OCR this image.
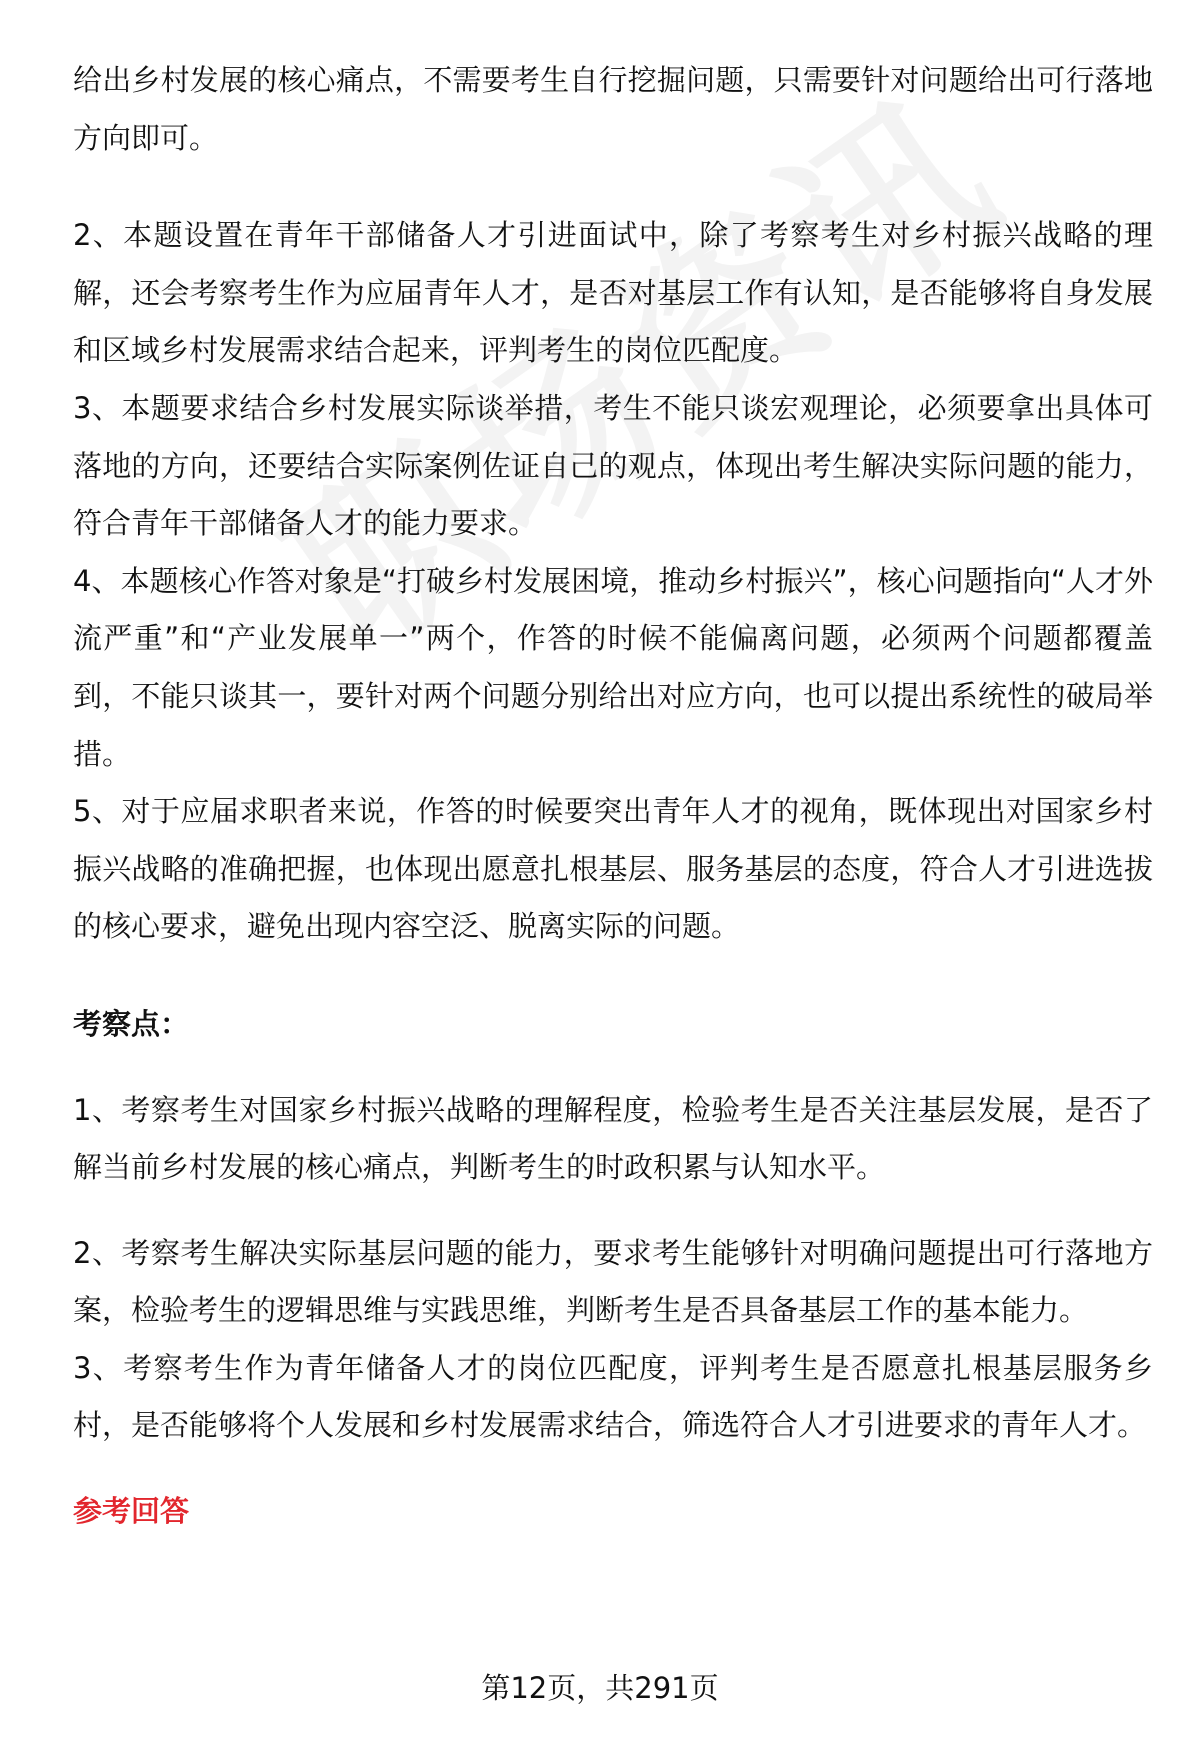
给出乡村发展的核心痛点，不需要考生自行挖掘问题，只需要针对问题给出可行落地方向即可。

2、本题设置在青年干部储备人才引进面试中，除了考察考生对乡村振兴战略的理解，还会考察考生作为应届青年人才，是否对基层工作有认知，是否能够将自身发展和区域乡村发展需求结合起来，评判考生的岗位匹配度。

3、本题要求结合乡村发展实际谈举措，考生不能只谈宏观理论，必须要拿出具体可落地的方向，还要结合实际案例佐证自己的观点，体现出考生解决实际问题的能力，符合青年干部储备人才的能力要求。

4、本题核心作答对象是“打破乡村发展困境，推动乡村振兴”，核心问题指向“人才外流严重”和“产业发展单一”两个，作答的时候不能偏离问题，必须两个问题都覆盖到，不能只谈其一，要针对两个问题分别给出对应方向，也可以提出系统性的破局举措。

5、对于应届求职者来说，作答的时候要突出青年人才的视角，既体现出对国家乡村振兴战略的准确把握，也体现出愿意扎根基层、服务基层的态度，符合人才引进选拔的核心要求，避免出现内容空泛、脱离实际的问题。

考察点：

1、考察考生对国家乡村振兴战略的理解程度，检验考生是否关注基层发展，是否了解当前乡村发展的核心痛点，判断考生的时政积累与认知水平。

2、考察考生解决实际基层问题的能力，要求考生能够针对明确问题提出可行落地方案，检验考生的逻辑思维与实践思维，判断考生是否具备基层工作的基本能力。

3、考察考生作为青年储备人才的岗位匹配度，评判考生是否愿意扎根基层服务乡村，是否能够将个人发展和乡村发展需求结合，筛选符合人才引进要求的青年人才。

参考回答

第12页，共291页
